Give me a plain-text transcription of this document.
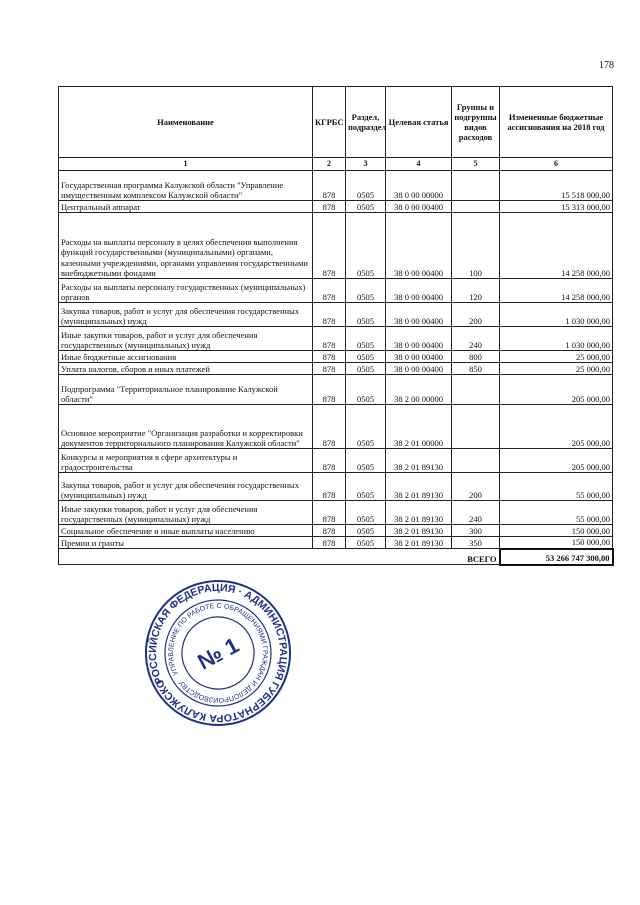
178
Наименование	КГРБС	Раздел, подраздел	Целевая статья	Группы и подгруппы видов расходов	Измененные бюджетные ассигнования на 2018 год
1	2	3	4	5	6
Государственная программа Калужской области "Управление имущественным комплексом Калужской области"	878	0505	38 0 00 00000		15 518 000,00
Центральный аппарат	878	0505	38 0 00 00400		15 313 000,00
Расходы на выплаты персоналу в целях обеспечения выполнения функций государственными (муниципальными) органами, казенными учреждениями, органами управления государственными внебюджетными фондами	878	0505	38 0 00 00400	100	14 258 000,00
Расходы на выплаты персоналу государственных (муниципальных) органов	878	0505	38 0 00 00400	120	14 258 000,00
Закупка товаров, работ и услуг для обеспечения государственных (муниципальных) нужд	878	0505	38 0 00 00400	200	1 030 000,00
Иные закупки товаров, работ и услуг для обеспечения государственных (муниципальных) нужд	878	0505	38 0 00 00400	240	1 030 000,00
Иные бюджетные ассигнования	878	0505	38 0 00 00400	800	25 000,00
Уплата налогов, сборов и иных платежей	878	0505	38 0 00 00400	850	25 000,00
Подпрограмма "Территориальное планирование Калужской области"	878	0505	38 2 00 00000		205 000,00
Основное мероприятие "Организация разработки и корректировки документов территориального планирования Калужской области"	878	0505	38 2 01 00000		205 000,00
Конкурсы и мероприятия в сфере архитектуры и градостроительства	878	0505	38 2 01 89130		205 000,00
Закупка товаров, работ и услуг для обеспечения государственных (муниципальных) нужд	878	0505	38 2 01 89130	200	55 000,00
Иные закупки товаров, работ и услуг для обеспечения государственных (муниципальных) нужд	878	0505	38 2 01 89130	240	55 000,00
Социальное обеспечение и иные выплаты населению	878	0505	38 2 01 89130	300	150 000,00
Премии и гранты	878	0505	38 2 01 89130	350	150 000,00
ВСЕГО					53 266 747 300,00
РОССИЙСКАЯ ФЕДЕРАЦИЯ · АДМИНИСТРАЦИЯ ГУБЕРНАТОРА КАЛУЖСКОЙ
УПРАВЛЕНИЕ ПО РАБОТЕ С ОБРАЩЕНИЯМИ ГРАЖДАН И ДЕЛОПРОИЗВОДСТВУ
№ 1
